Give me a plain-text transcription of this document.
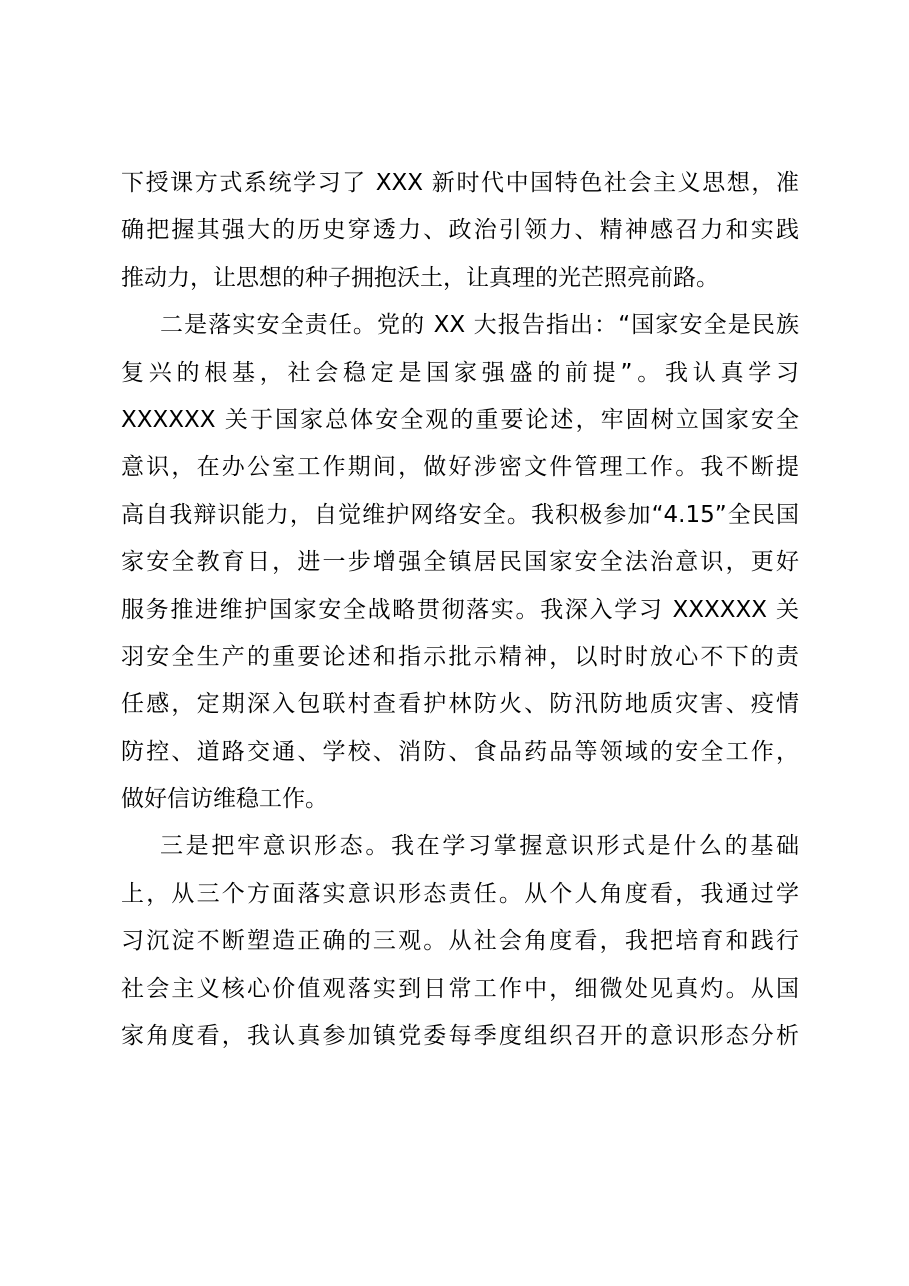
下授课方式系统学习了 XXX 新时代中国特色社会主义思想，准
确把握其强大的历史穿透力、政治引领力、精神感召力和实践
推动力，让思想的种子拥抱沃土，让真理的光芒照亮前路。
二是落实安全责任。党的 XX 大报告指出：“国家安全是民族
复兴的根基，社会稳定是国家强盛的前提”。我认真学习
XXXXXX 关于国家总体安全观的重要论述，牢固树立国家安全
意识，在办公室工作期间，做好涉密文件管理工作。我不断提
高自我辩识能力，自觉维护网络安全。我积极参加“4.15”全民国
家安全教育日，进一步增强全镇居民国家安全法治意识，更好
服务推进维护国家安全战略贯彻落实。我深入学习 XXXXXX 关
羽安全生产的重要论述和指示批示精神，以时时放心不下的责
任感，定期深入包联村查看护林防火、防汛防地质灾害、疫情
防控、道路交通、学校、消防、食品药品等领域的安全工作，
做好信访维稳工作。
三是把牢意识形态。我在学习掌握意识形式是什么的基础
上，从三个方面落实意识形态责任。从个人角度看，我通过学
习沉淀不断塑造正确的三观。从社会角度看，我把培育和践行
社会主义核心价值观落实到日常工作中，细微处见真灼。从国
家角度看，我认真参加镇党委每季度组织召开的意识形态分析
